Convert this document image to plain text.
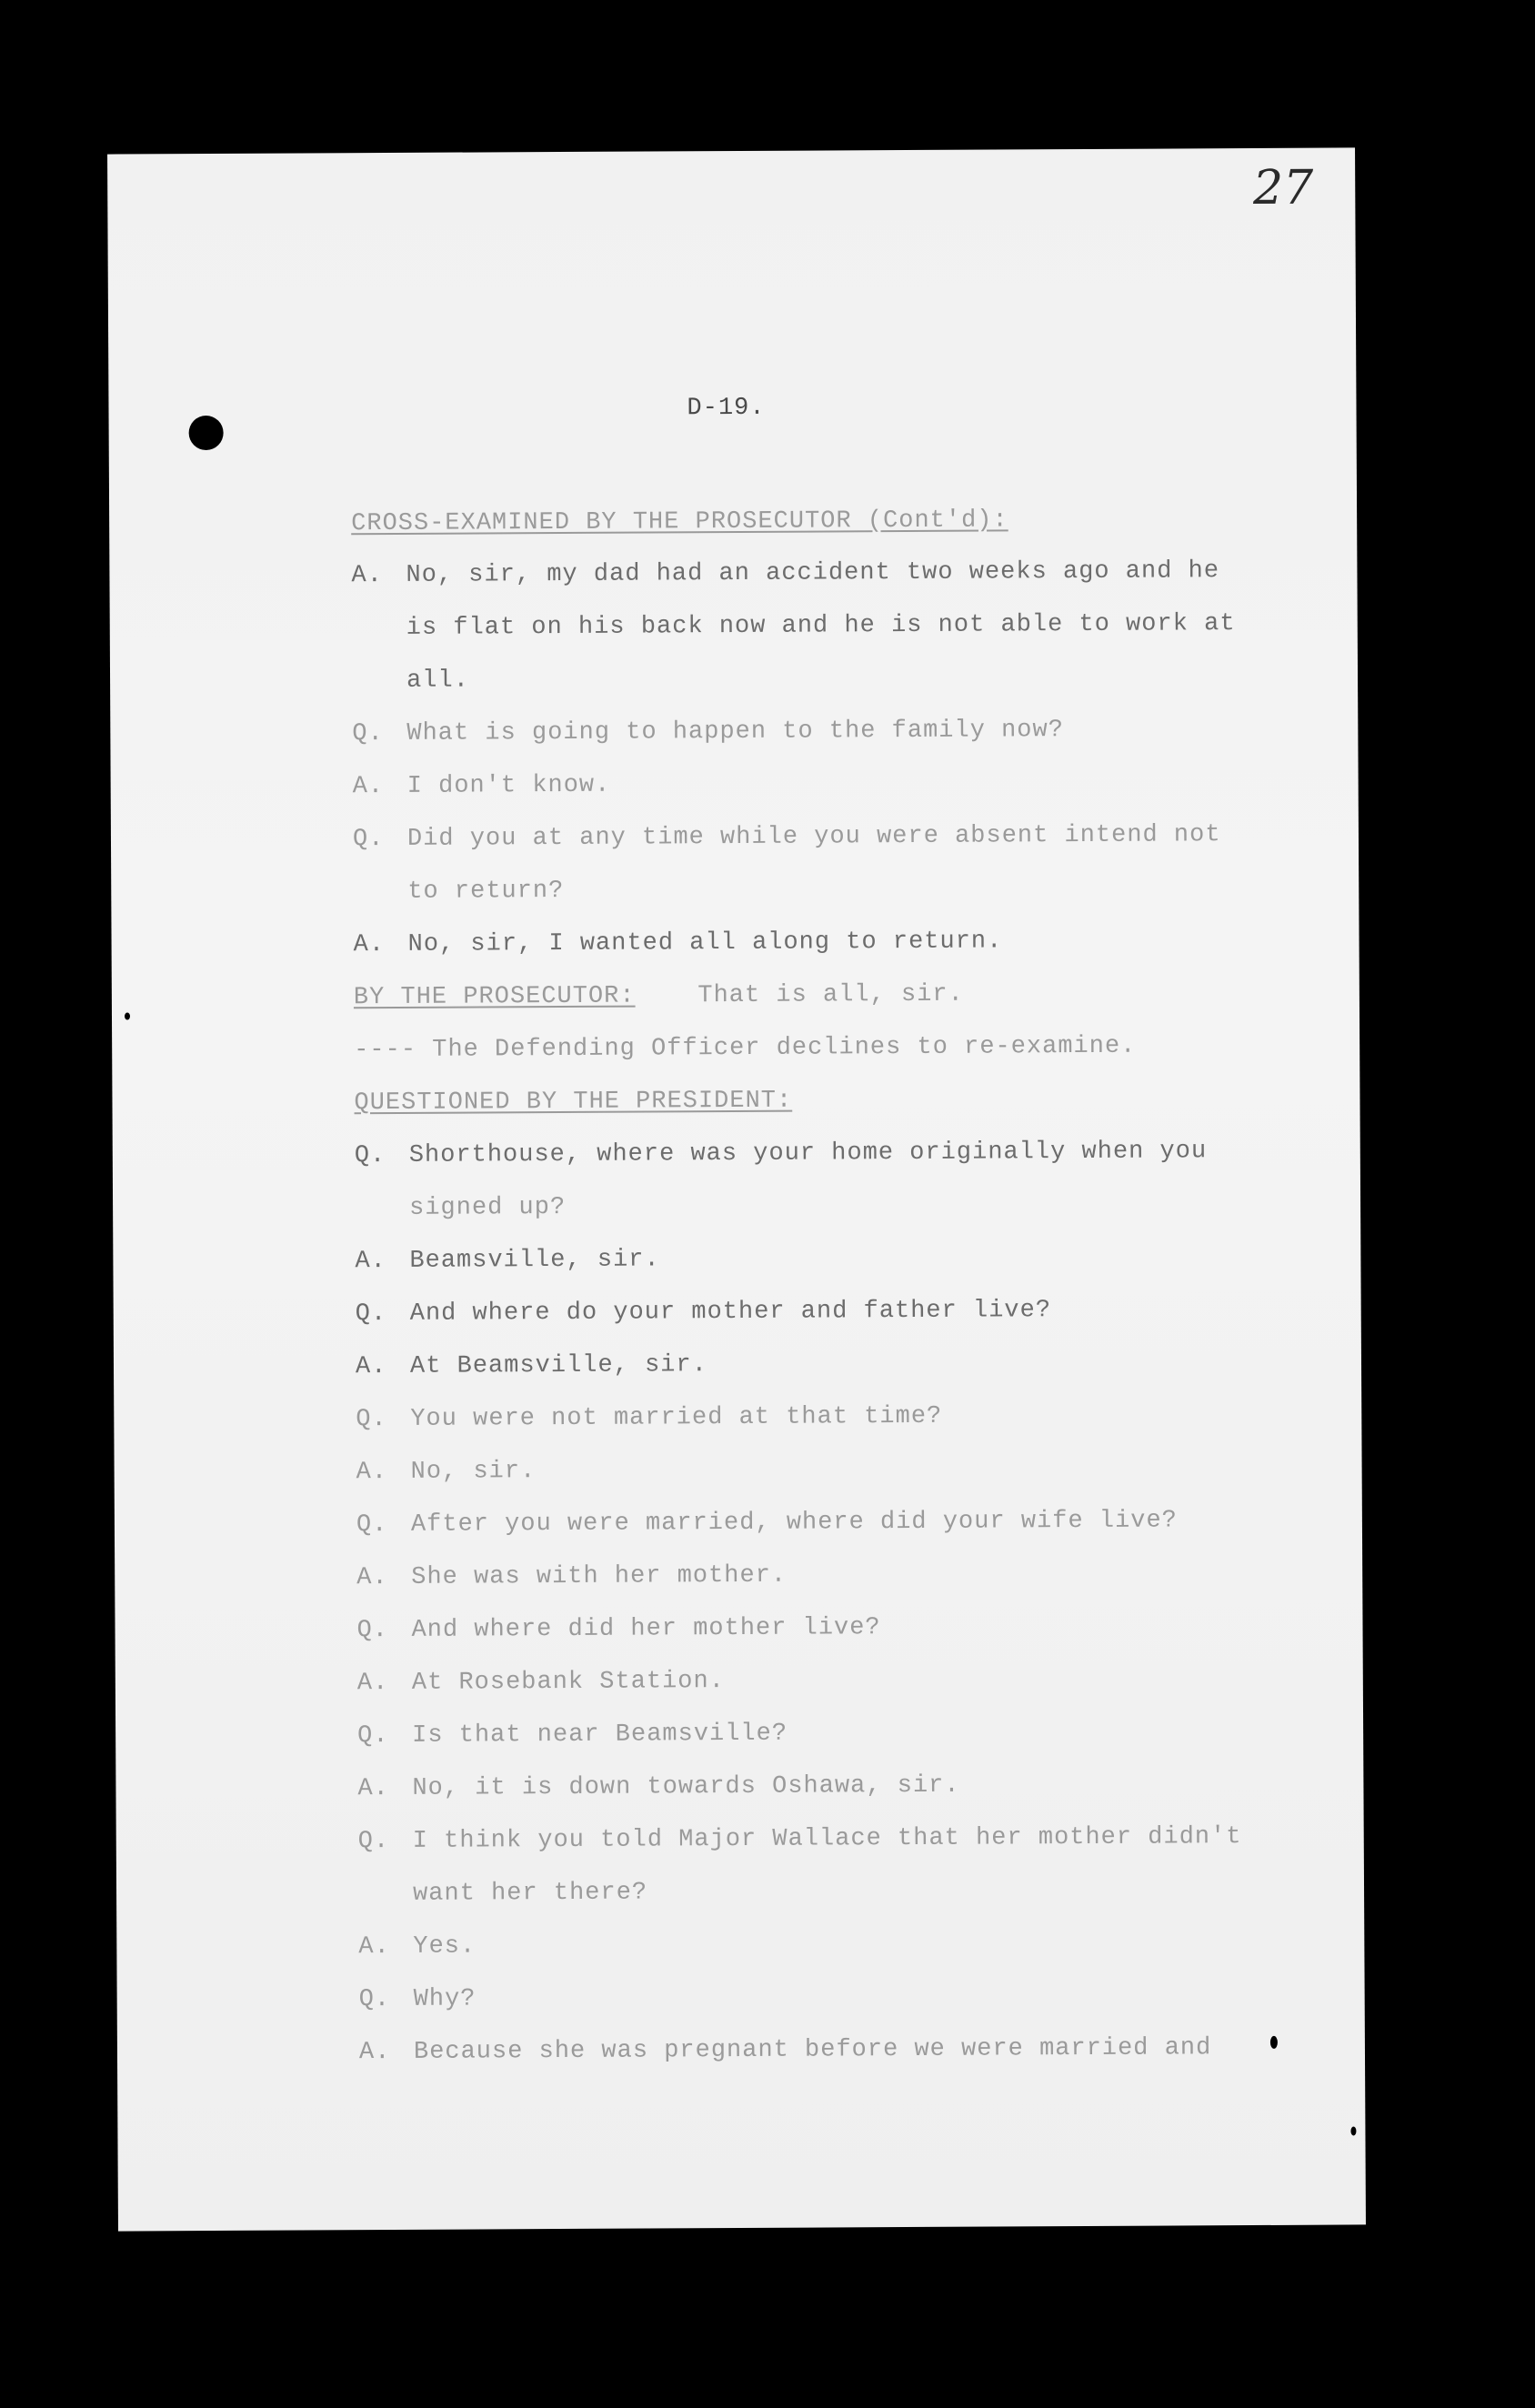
27
D-19.
CROSS-EXAMINED BY THE PROSECUTOR (Cont'd):
A. No, sir, my dad had an accident two weeks ago and he
is flat on his back now and he is not able to work at
all.
Q. What is going to happen to the family now?
A. I don't know.
Q. Did you at any time while you were absent intend not
to return?
A. No, sir, I wanted all along to return.
BY THE PROSECUTOR:	That is all, sir.
---- The Defending Officer declines to re-examine.
QUESTIONED BY THE PRESIDENT:
Q. Shorthouse, where was your home originally when you
signed up?
A. Beamsville, sir.
Q. And where do your mother and father live?
A. At Beamsville, sir.
Q. You were not married at that time?
A. No, sir.
Q. After you were married, where did your wife live?
A. She was with her mother.
Q. And where did her mother live?
A. At Rosebank Station.
Q. Is that near Beamsville?
A. No, it is down towards Oshawa, sir.
Q. I think you told Major Wallace that her mother didn't
want her there?
A. Yes.
Q. Why?
A. Because she was pregnant before we were married and
